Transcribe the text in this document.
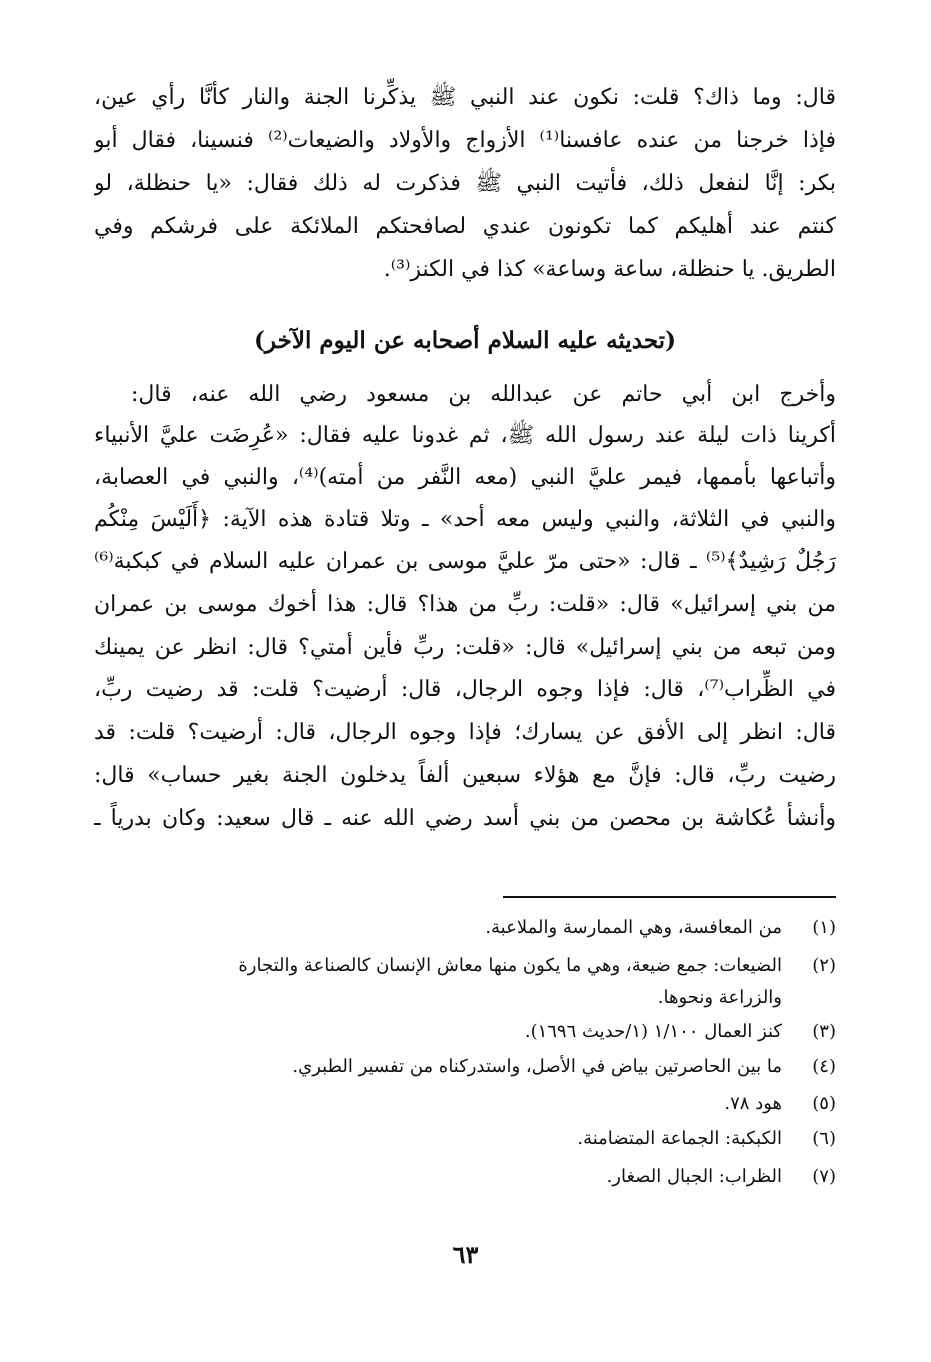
قال: وما ذاك؟ قلت: نكون عند النبي ﷺ يذكِّرنا الجنة والنار كأنَّا رأي عين،
فإذا خرجنا من عنده عافسنا⁽¹⁾ الأزواج والأولاد والضيعات⁽²⁾ فنسينا، فقال أبو
بكر: إنَّا لنفعل ذلك، فأتيت النبي ﷺ فذكرت له ذلك فقال: «يا حنظلة، لو
كنتم عند أهليكم كما تكونون عندي لصافحتكم الملائكة على فرشكم وفي
الطريق. يا حنظلة، ساعة وساعة» كذا في الكنز⁽³⁾.
(تحديثه عليه السلام أصحابه عن اليوم الآخر)
وأخرج ابن أبي حاتم عن عبدالله بن مسعود رضي الله عنه، قال:
أكرينا ذات ليلة عند رسول الله ﷺ، ثم غدونا عليه فقال: «عُرِضَت عليَّ الأنبياء
وأتباعها بأممها، فيمر عليَّ النبي (معه النَّفر من أمته)⁽⁴⁾، والنبي في العصابة،
والنبي في الثلاثة، والنبي وليس معه أحد» ـ وتلا قتادة هذه الآية: ﴿أَلَيْسَ مِنْكُم
رَجُلٌ رَشِيدٌ﴾⁽⁵⁾ ـ قال: «حتى مرّ عليَّ موسى بن عمران عليه السلام في كبكبة⁽⁶⁾
من بني إسرائيل» قال: «قلت: ربِّ من هذا؟ قال: هذا أخوك موسى بن عمران
ومن تبعه من بني إسرائيل» قال: «قلت: ربِّ فأين أمتي؟ قال: انظر عن يمينك
في الظِّراب⁽⁷⁾، قال: فإذا وجوه الرجال، قال: أرضيت؟ قلت: قد رضيت ربِّ،
قال: انظر إلى الأفق عن يسارك؛ فإذا وجوه الرجال، قال: أرضيت؟ قلت: قد
رضيت ربِّ، قال: فإنَّ مع هؤلاء سبعين ألفاً يدخلون الجنة بغير حساب» قال:
وأنشأ عُكاشة بن محصن من بني أسد رضي الله عنه ـ قال سعيد: وكان بدرياً ـ
(١)من المعافسة، وهي الممارسة والملاعبة.
(٢)الضيعات: جمع ضيعة، وهي ما يكون منها معاش الإنسان كالصناعة والتجارة
والزراعة ونحوها.
(٣)كنز العمال ١/١٠٠ (١/حديث ١٦٩٦).
(٤)ما بين الحاصرتين بياض في الأصل، واستدركناه من تفسير الطبري.
(٥)هود ٧٨.
(٦)الكبكبة: الجماعة المتضامنة.
(٧)الظراب: الجبال الصغار.
٦٣
